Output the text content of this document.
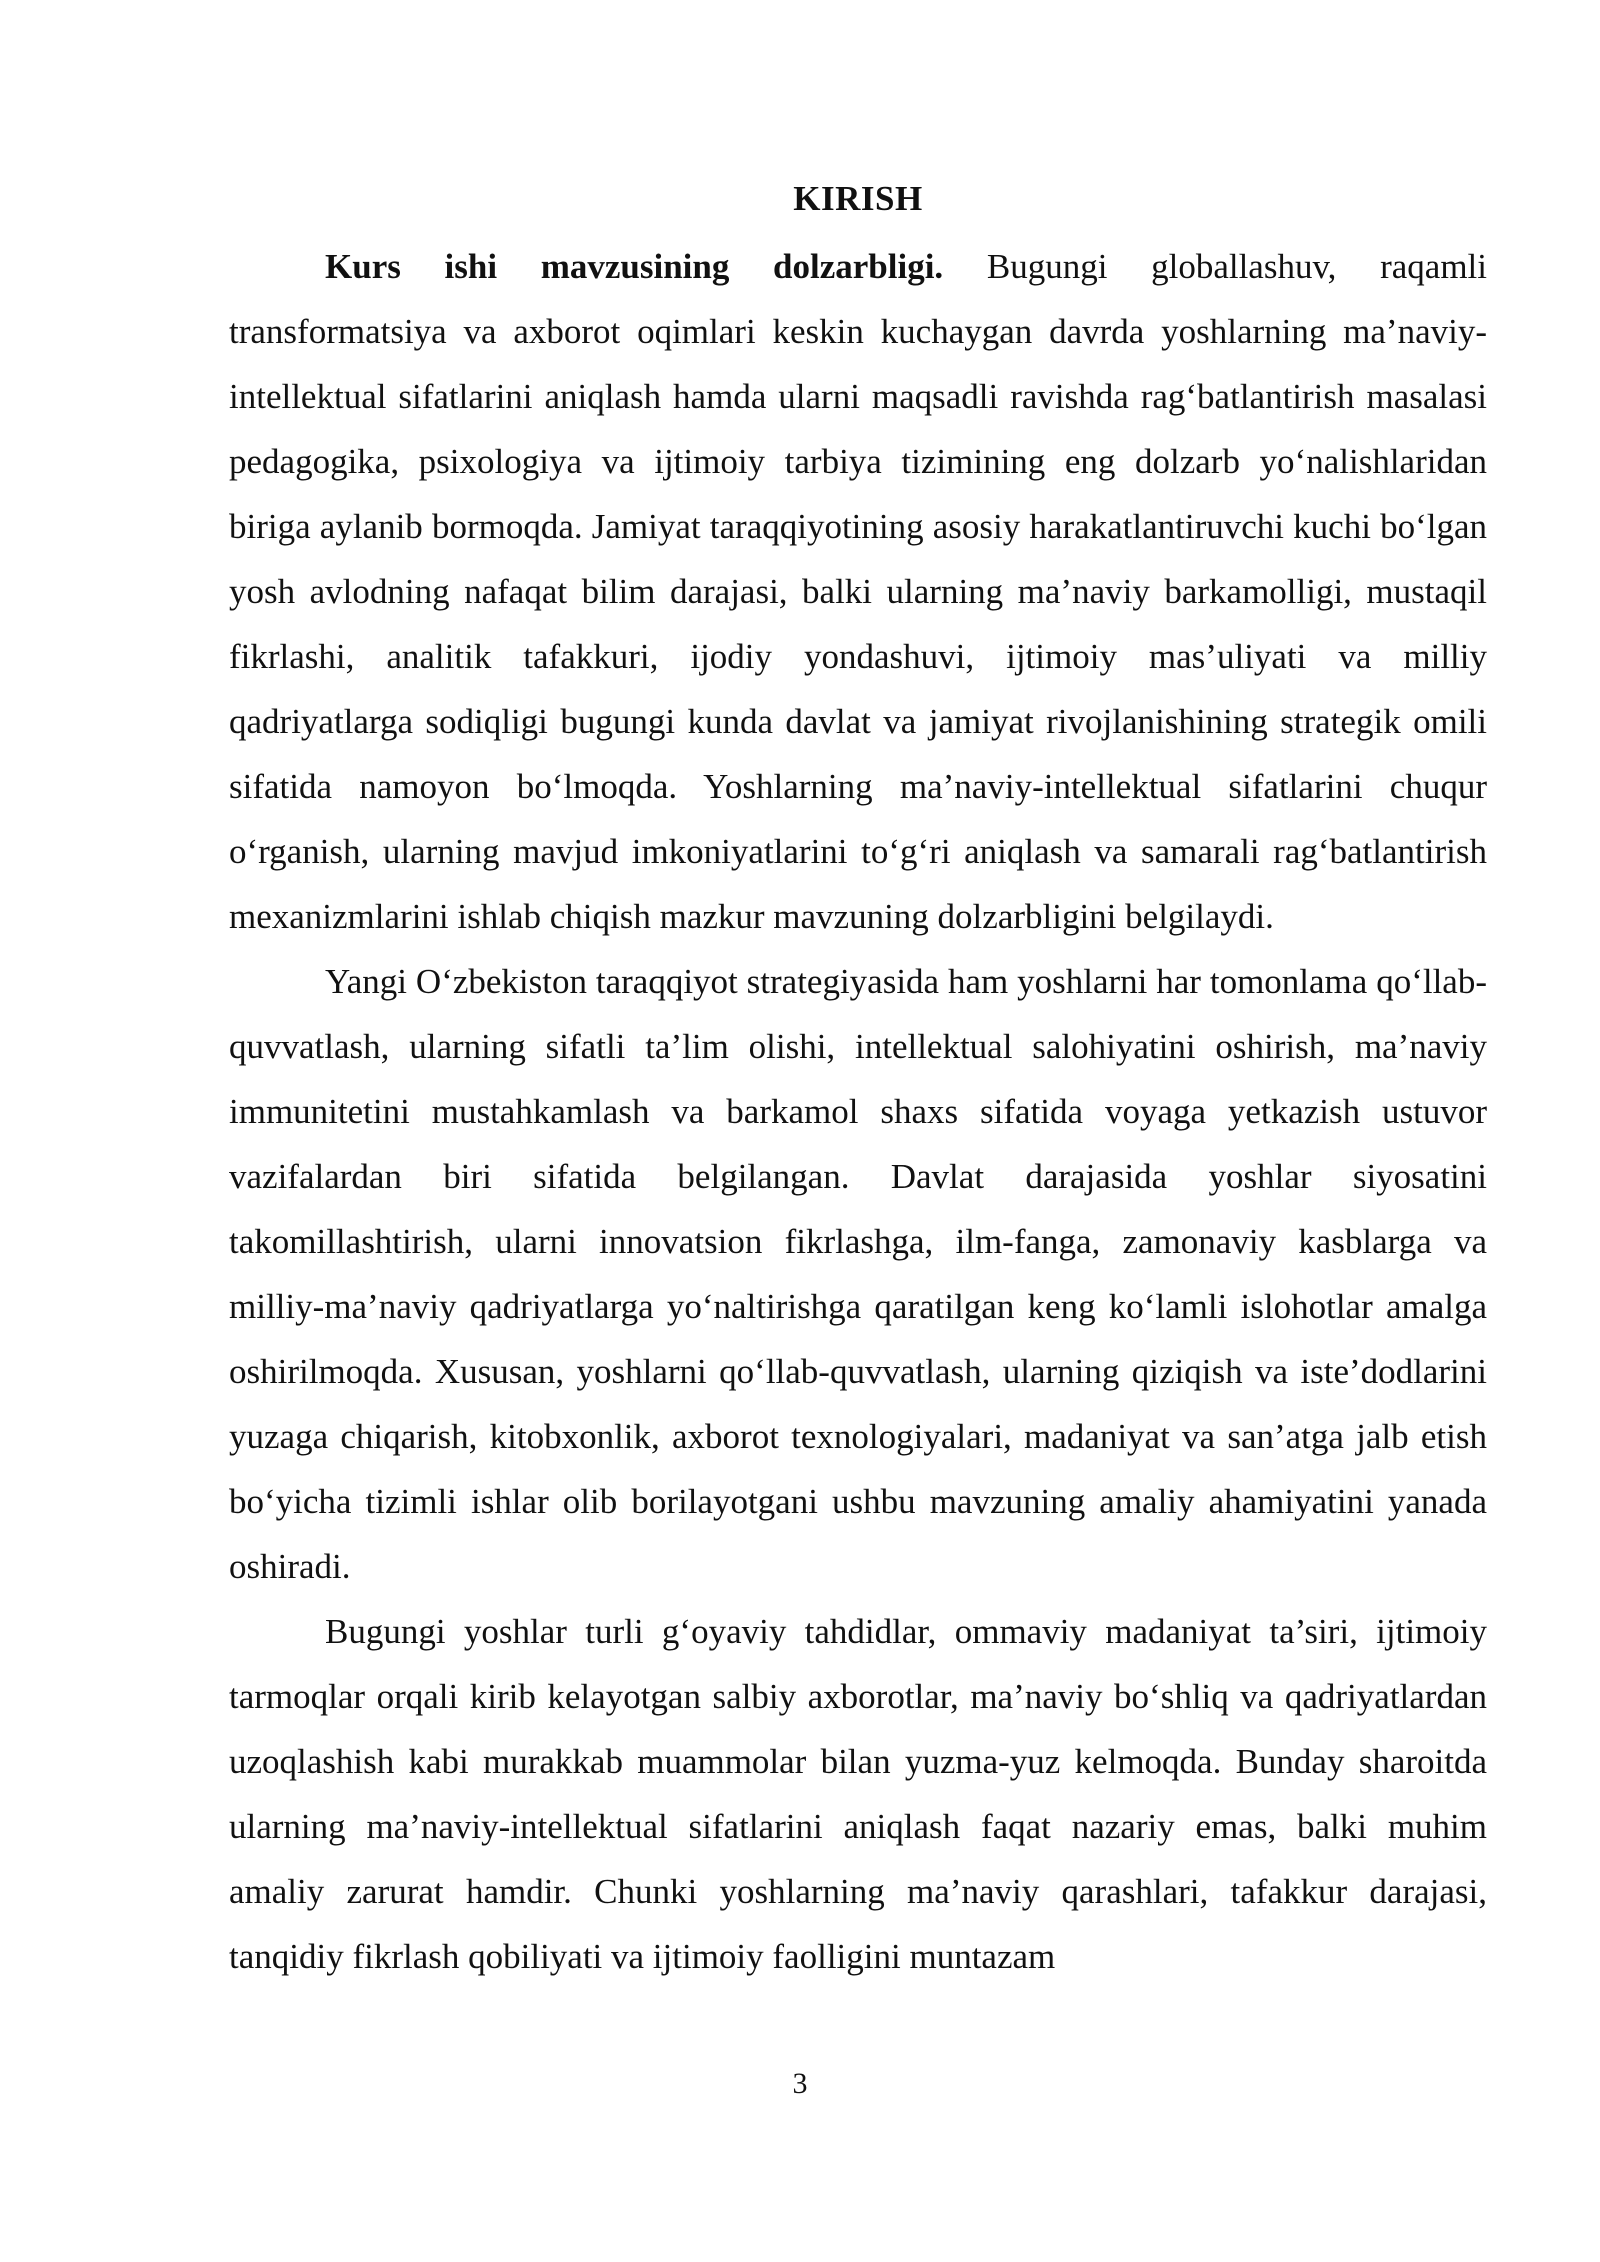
KIRISH

Kurs ishi mavzusining dolzarbligi. Bugungi globallashuv, raqamli transformatsiya va axborot oqimlari keskin kuchaygan davrda yoshlarning ma’naviy-intellektual sifatlarini aniqlash hamda ularni maqsadli ravishda rag‘batlantirish masalasi pedagogika, psixologiya va ijtimoiy tarbiya tizimining eng dolzarb yo‘nalishlaridan biriga aylanib bormoqda. Jamiyat taraqqiyotining asosiy harakatlantiruvchi kuchi bo‘lgan yosh avlodning nafaqat bilim darajasi, balki ularning ma’naviy barkamolligi, mustaqil fikrlashi, analitik tafakkuri, ijodiy yondashuvi, ijtimoiy mas’uliyati va milliy qadriyatlarga sodiqligi bugungi kunda davlat va jamiyat rivojlanishining strategik omili sifatida namoyon bo‘lmoqda. Yoshlarning ma’naviy-intellektual sifatlarini chuqur o‘rganish, ularning mavjud imkoniyatlarini to‘g‘ri aniqlash va samarali rag‘batlantirish mexanizmlarini ishlab chiqish mazkur mavzuning dolzarbligini belgilaydi.

Yangi O‘zbekiston taraqqiyot strategiyasida ham yoshlarni har tomonlama qo‘llab-quvvatlash, ularning sifatli ta’lim olishi, intellektual salohiyatini oshirish, ma’naviy immunitetini mustahkamlash va barkamol shaxs sifatida voyaga yetkazish ustuvor vazifalardan biri sifatida belgilangan. Davlat darajasida yoshlar siyosatini takomillashtirish, ularni innovatsion fikrlashga, ilm-fanga, zamonaviy kasblarga va milliy-ma’naviy qadriyatlarga yo‘naltirishga qaratilgan keng ko‘lamli islohotlar amalga oshirilmoqda. Xususan, yoshlarni qo‘llab-quvvatlash, ularning qiziqish va iste’dodlarini yuzaga chiqarish, kitobxonlik, axborot texnologiyalari, madaniyat va san’atga jalb etish bo‘yicha tizimli ishlar olib borilayotgani ushbu mavzuning amaliy ahamiyatini yanada oshiradi.

Bugungi yoshlar turli g‘oyaviy tahdidlar, ommaviy madaniyat ta’siri, ijtimoiy tarmoqlar orqali kirib kelayotgan salbiy axborotlar, ma’naviy bo‘shliq va qadriyatlardan uzoqlashish kabi murakkab muammolar bilan yuzma-yuz kelmoqda. Bunday sharoitda ularning ma’naviy-intellektual sifatlarini aniqlash faqat nazariy emas, balki muhim amaliy zarurat hamdir. Chunki yoshlarning ma’naviy qarashlari, tafakkur darajasi, tanqidiy fikrlash qobiliyati va ijtimoiy faolligini muntazam

3
